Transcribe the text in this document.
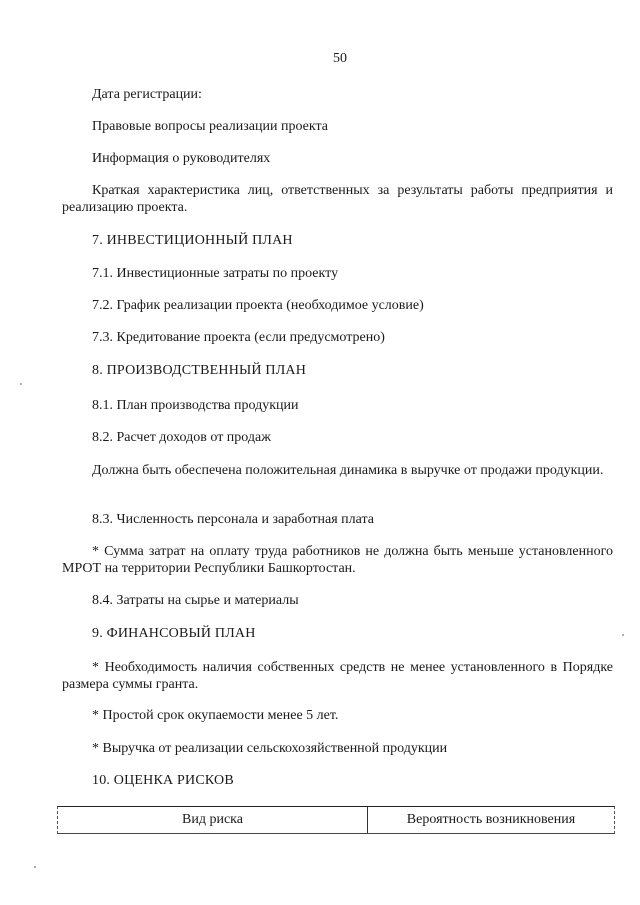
50
Дата регистрации:
Правовые вопросы реализации проекта
Информация о руководителях
Краткая характеристика лиц, ответственных за результаты работы предприятия и реализацию проекта.
7. ИНВЕСТИЦИОННЫЙ ПЛАН
7.1. Инвестиционные затраты по проекту
7.2. График реализации проекта (необходимое условие)
7.3. Кредитование проекта (если предусмотрено)
8. ПРОИЗВОДСТВЕННЫЙ ПЛАН
8.1. План производства продукции
8.2. Расчет доходов от продаж
Должна быть обеспечена положительная динамика в выручке от продажи продукции.
8.3. Численность персонала и заработная плата
* Сумма затрат на оплату труда работников не должна быть меньше установленного МРОТ на территории Республики Башкортостан.
8.4. Затраты на сырье и материалы
9. ФИНАНСОВЫЙ ПЛАН
* Необходимость наличия собственных средств не менее установленного в Порядке размера суммы гранта.
* Простой срок окупаемости менее 5 лет.
* Выручка от реализации сельскохозяйственной продукции
10. ОЦЕНКА РИСКОВ
Вид риска	Вероятность возникновения
